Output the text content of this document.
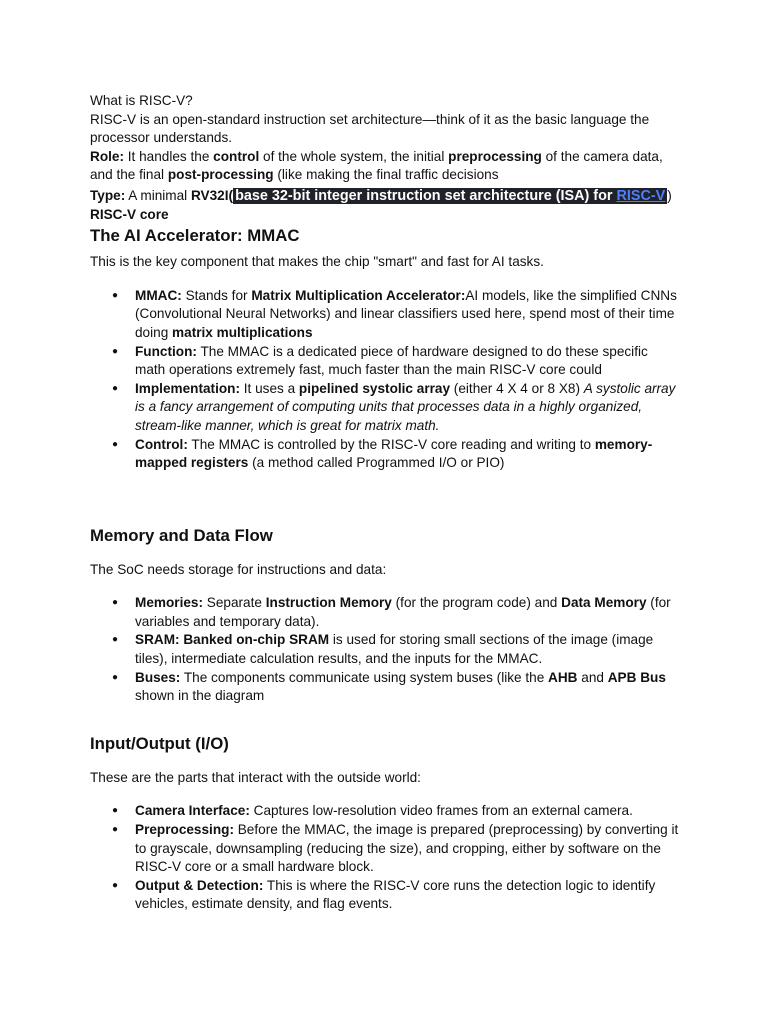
What is RISC-V?

RISC-V is an open-standard instruction set architecture—think of it as the basic language the processor understands.

Role: It handles the control of the whole system, the initial preprocessing of the camera data, and the final post-processing (like making the final traffic decisions

Type: A minimal RV32I( base 32-bit integer instruction set architecture (ISA) for RISC-V )

RISC-V core

The AI Accelerator: MMAC

This is the key component that makes the chip "smart" and fast for AI tasks.

● MMAC: Stands for Matrix Multiplication Accelerator:AI models, like the simplified CNNs (Convolutional Neural Networks) and linear classifiers used here, spend most of their time doing matrix multiplications
● Function: The MMAC is a dedicated piece of hardware designed to do these specific math operations extremely fast, much faster than the main RISC-V core could
● Implementation: It uses a pipelined systolic array (either 4 X 4 or 8 X8) A systolic array is a fancy arrangement of computing units that processes data in a highly organized, stream-like manner, which is great for matrix math.
● Control: The MMAC is controlled by the RISC-V core reading and writing to memory-mapped registers (a method called Programmed I/O or PIO)
Memory and Data Flow

The SoC needs storage for instructions and data:

● Memories: Separate Instruction Memory (for the program code) and Data Memory (for variables and temporary data).
● SRAM: Banked on-chip SRAM is used for storing small sections of the image (image tiles), intermediate calculation results, and the inputs for the MMAC.
● Buses: The components communicate using system buses (like the AHB and APB Bus shown in the diagram
Input/Output (I/O)

These are the parts that interact with the outside world:

● Camera Interface: Captures low-resolution video frames from an external camera.
● Preprocessing: Before the MMAC, the image is prepared (preprocessing) by converting it to grayscale, downsampling (reducing the size), and cropping, either by software on the RISC-V core or a small hardware block.
● Output & Detection: This is where the RISC-V core runs the detection logic to identify vehicles, estimate density, and flag events.
